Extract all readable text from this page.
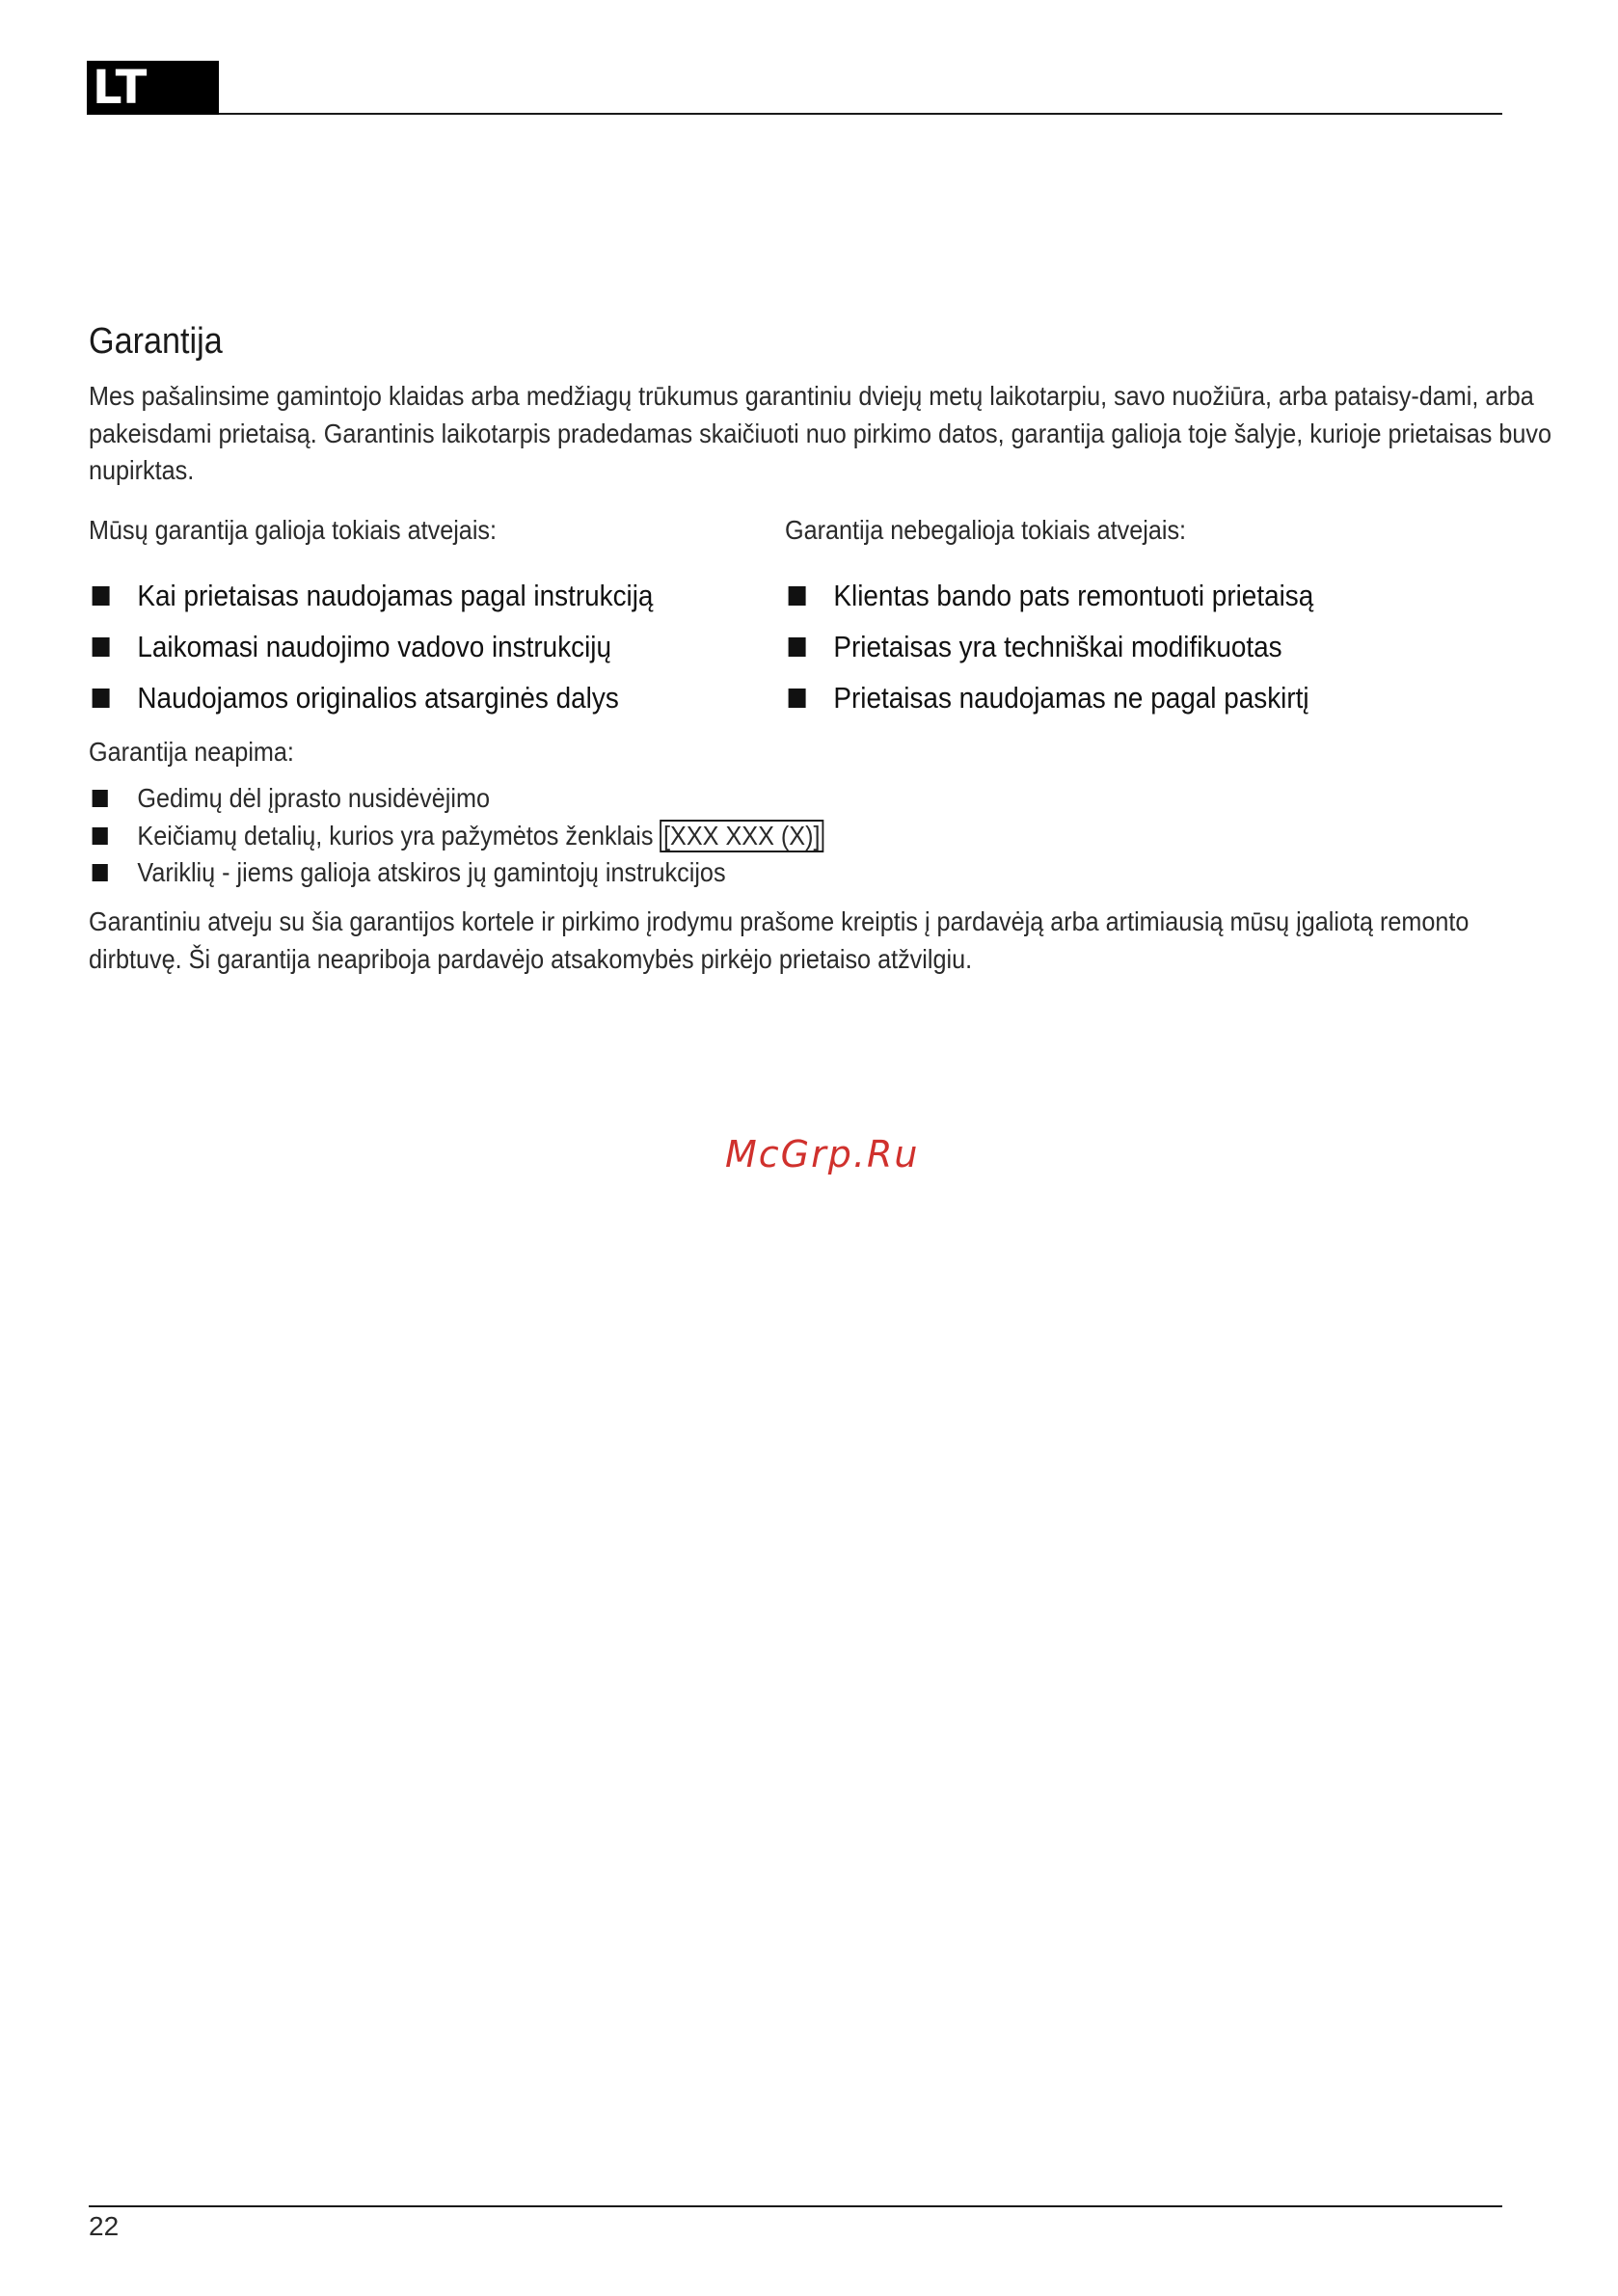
LT
Garantija

Mes pašalinsime gamintojo klaidas arba medžiagų trūkumus garantiniu dviejų metų laikotarpiu, savo nuožiūra, arba pataisy-dami, arba pakeisdami prietaisą. Garantinis laikotarpis pradedamas skaičiuoti nuo pirkimo datos, garantija galioja toje šalyje, kurioje prietaisas buvo nupirktas.

Mūsų garantija galioja tokiais atvejais:

Kai prietaisas naudojamas pagal instrukciją
Laikomasi naudojimo vadovo instrukcijų
Naudojamos originalios atsarginės dalys

Garantija nebegalioja tokiais atvejais:

Klientas bando pats remontuoti prietaisą
Prietaisas yra techniškai modifikuotas
Prietaisas naudojamas ne pagal paskirtį

Garantija neapima:

Gedimų dėl įprasto nusidėvėjimo
Keičiamų detalių, kurios yra pažymėtos ženklais [XXX XXX (X)]
Variklių - jiems galioja atskiros jų gamintojų instrukcijos

Garantiniu atveju su šia garantijos kortele ir pirkimo įrodymu prašome kreiptis į pardavėją arba artimiausią mūsų įgaliotą remonto dirbtuvę. Ši garantija neapriboja pardavėjo atsakomybės pirkėjo prietaiso atžvilgiu.

McGrp.Ru
22
